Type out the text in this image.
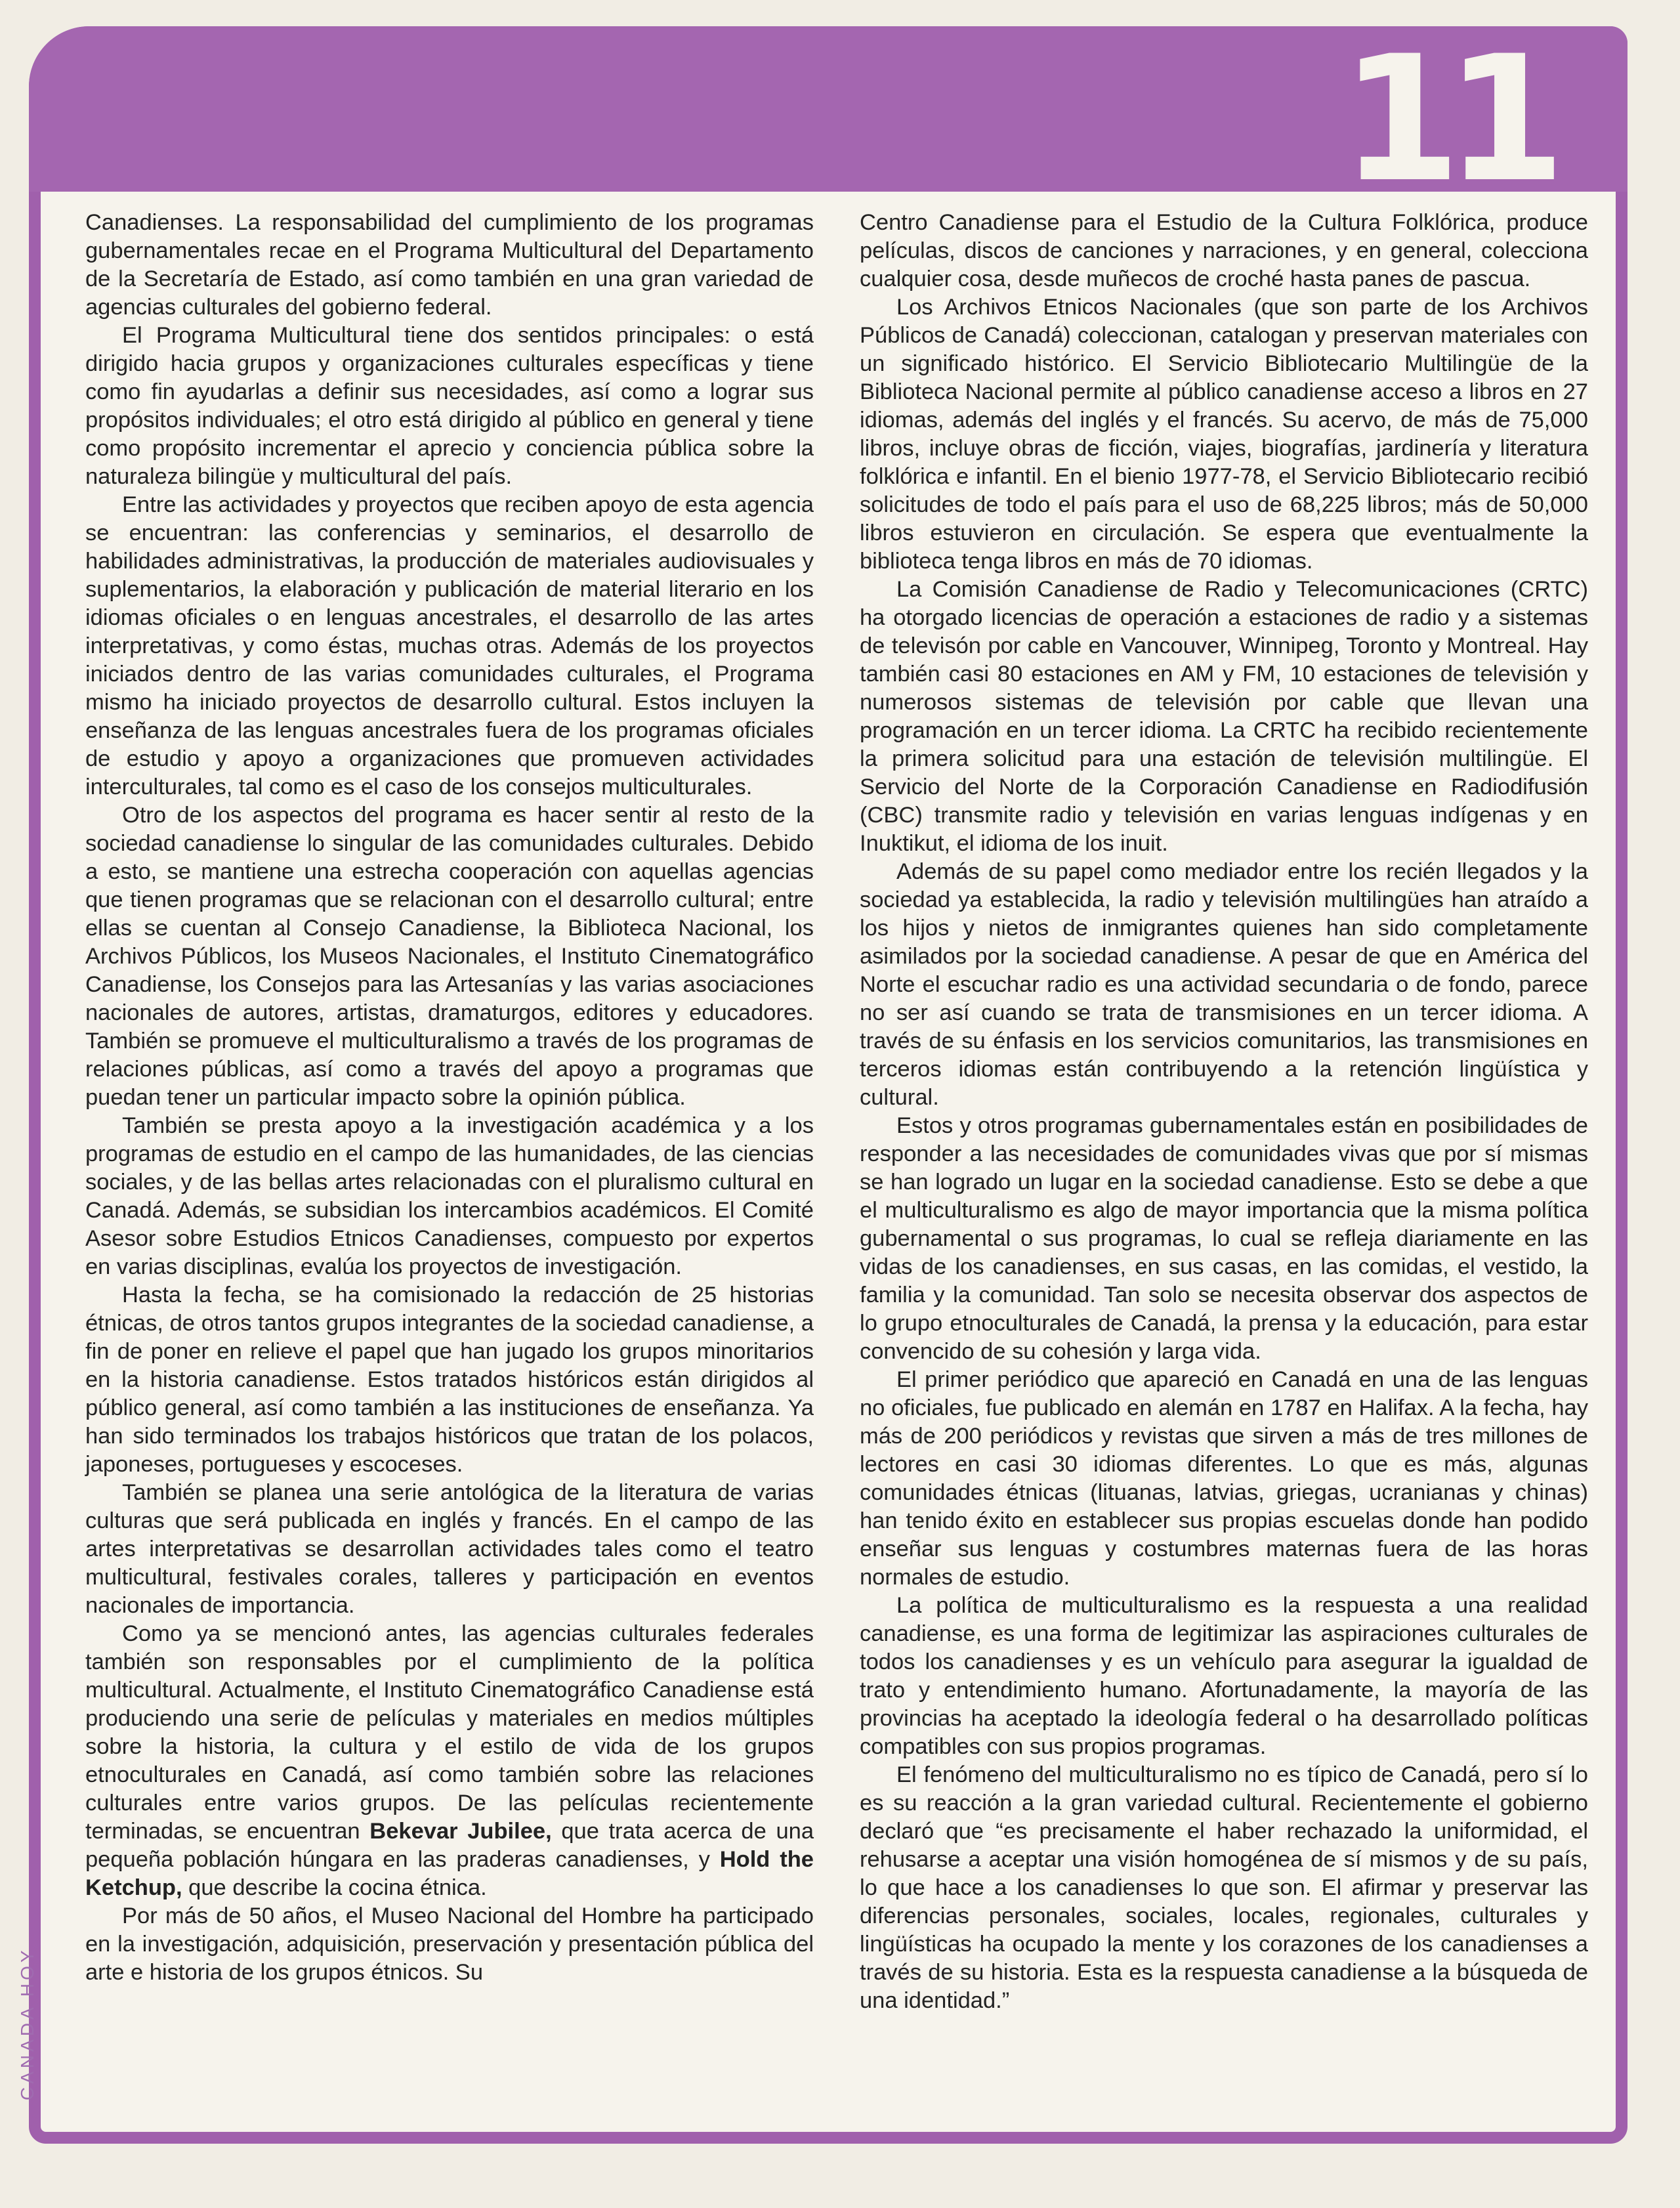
11
CANADA HOY

Canadienses. La responsabilidad del cumplimiento de los programas gubernamentales recae en el Programa Multicultural del Departamento de la Secretaría de Estado, así como también en una gran variedad de agencias culturales del gobierno federal.

El Programa Multicultural tiene dos sentidos principales: o está dirigido hacia grupos y organizaciones culturales específicas y tiene como fin ayudarlas a definir sus necesidades, así como a lograr sus propósitos individuales; el otro está dirigido al público en general y tiene como propósito incrementar el aprecio y conciencia pública sobre la naturaleza bilingüe y multicultural del país.

Entre las actividades y proyectos que reciben apoyo de esta agencia se encuentran: las conferencias y seminarios, el desarrollo de habilidades administrativas, la producción de materiales audiovisuales y suplementarios, la elaboración y publicación de material literario en los idiomas oficiales o en lenguas ancestrales, el desarrollo de las artes interpretativas, y como éstas, muchas otras. Además de los proyectos iniciados dentro de las varias comunidades culturales, el Programa mismo ha iniciado proyectos de desarrollo cultural. Estos incluyen la enseñanza de las lenguas ancestrales fuera de los programas oficiales de estudio y apoyo a organizaciones que promueven actividades interculturales, tal como es el caso de los consejos multiculturales.

Otro de los aspectos del programa es hacer sentir al resto de la sociedad canadiense lo singular de las comunidades culturales. Debido a esto, se mantiene una estrecha cooperación con aquellas agencias que tienen programas que se relacionan con el desarrollo cultural; entre ellas se cuentan al Consejo Canadiense, la Biblioteca Nacional, los Archivos Públicos, los Museos Nacionales, el Instituto Cinematográfico Canadiense, los Consejos para las Artesanías y las varias asociaciones nacionales de autores, artistas, dramaturgos, editores y educadores. También se promueve el multiculturalismo a través de los programas de relaciones públicas, así como a través del apoyo a programas que puedan tener un particular impacto sobre la opinión pública.

También se presta apoyo a la investigación académica y a los programas de estudio en el campo de las humanidades, de las ciencias sociales, y de las bellas artes relacionadas con el pluralismo cultural en Canadá. Además, se subsidian los intercambios académicos. El Comité Asesor sobre Estudios Etnicos Canadienses, compuesto por expertos en varias disciplinas, evalúa los proyectos de investigación.

Hasta la fecha, se ha comisionado la redacción de 25 historias étnicas, de otros tantos grupos integrantes de la sociedad canadiense, a fin de poner en relieve el papel que han jugado los grupos minoritarios en la historia canadiense. Estos tratados históricos están dirigidos al público general, así como también a las instituciones de enseñanza. Ya han sido terminados los trabajos históricos que tratan de los polacos, japoneses, portugueses y escoceses.

También se planea una serie antológica de la literatura de varias culturas que será publicada en inglés y francés. En el campo de las artes interpretativas se desarrollan actividades tales como el teatro multicultural, festivales corales, talleres y participación en eventos nacionales de importancia.

Como ya se mencionó antes, las agencias culturales federales también son responsables por el cumplimiento de la política multicultural. Actualmente, el Instituto Cinematográfico Canadiense está produciendo una serie de películas y materiales en medios múltiples sobre la historia, la cultura y el estilo de vida de los grupos etnoculturales en Canadá, así como también sobre las relaciones culturales entre varios grupos. De las películas recientemente terminadas, se encuentran Bekevar Jubilee, que trata acerca de una pequeña población húngara en las praderas canadienses, y Hold the Ketchup, que describe la cocina étnica.

Por más de 50 años, el Museo Nacional del Hombre ha participado en la investigación, adquisición, preservación y presentación pública del arte e historia de los grupos étnicos. Su

Centro Canadiense para el Estudio de la Cultura Folklórica, produce películas, discos de canciones y narraciones, y en general, colecciona cualquier cosa, desde muñecos de croché hasta panes de pascua.

Los Archivos Etnicos Nacionales (que son parte de los Archivos Públicos de Canadá) coleccionan, catalogan y preservan materiales con un significado histórico. El Servicio Bibliotecario Multilingüe de la Biblioteca Nacional permite al público canadiense acceso a libros en 27 idiomas, además del inglés y el francés. Su acervo, de más de 75,000 libros, incluye obras de ficción, viajes, biografías, jardinería y literatura folklórica e infantil. En el bienio 1977-78, el Servicio Bibliotecario recibió solicitudes de todo el país para el uso de 68,225 libros; más de 50,000 libros estuvieron en circulación. Se espera que eventualmente la biblioteca tenga libros en más de 70 idiomas.

La Comisión Canadiense de Radio y Telecomunicaciones (CRTC) ha otorgado licencias de operación a estaciones de radio y a sistemas de televisón por cable en Vancouver, Winnipeg, Toronto y Montreal. Hay también casi 80 estaciones en AM y FM, 10 estaciones de televisión y numerosos sistemas de televisión por cable que llevan una programación en un tercer idioma. La CRTC ha recibido recientemente la primera solicitud para una estación de televisión multilingüe. El Servicio del Norte de la Corporación Canadiense en Radiodifusión (CBC) transmite radio y televisión en varias lenguas indígenas y en Inuktikut, el idioma de los inuit.

Además de su papel como mediador entre los recién llegados y la sociedad ya establecida, la radio y televisión multilingües han atraído a los hijos y nietos de inmigrantes quienes han sido completamente asimilados por la sociedad canadiense. A pesar de que en América del Norte el escuchar radio es una actividad secundaria o de fondo, parece no ser así cuando se trata de transmisiones en un tercer idioma. A través de su énfasis en los servicios comunitarios, las transmisiones en terceros idiomas están contribuyendo a la retención lingüística y cultural.

Estos y otros programas gubernamentales están en posibilidades de responder a las necesidades de comunidades vivas que por sí mismas se han logrado un lugar en la sociedad canadiense. Esto se debe a que el multiculturalismo es algo de mayor importancia que la misma política gubernamental o sus programas, lo cual se refleja diariamente en las vidas de los canadienses, en sus casas, en las comidas, el vestido, la familia y la comunidad. Tan solo se necesita observar dos aspectos de lo grupo etnoculturales de Canadá, la prensa y la educación, para estar convencido de su cohesión y larga vida.

El primer periódico que apareció en Canadá en una de las lenguas no oficiales, fue publicado en alemán en 1787 en Halifax. A la fecha, hay más de 200 periódicos y revistas que sirven a más de tres millones de lectores en casi 30 idiomas diferentes. Lo que es más, algunas comunidades étnicas (lituanas, latvias, griegas, ucranianas y chinas) han tenido éxito en establecer sus propias escuelas donde han podido enseñar sus lenguas y costumbres maternas fuera de las horas normales de estudio.

La política de multiculturalismo es la respuesta a una realidad canadiense, es una forma de legitimizar las aspiraciones culturales de todos los canadienses y es un vehículo para asegurar la igualdad de trato y entendimiento humano. Afortunadamente, la mayoría de las provincias ha aceptado la ideología federal o ha desarrollado políticas compatibles con sus propios programas.

El fenómeno del multiculturalismo no es típico de Canadá, pero sí lo es su reacción a la gran variedad cultural. Recientemente el gobierno declaró que “es precisamente el haber rechazado la uniformidad, el rehusarse a aceptar una visión homogénea de sí mismos y de su país, lo que hace a los canadienses lo que son. El afirmar y preservar las diferencias personales, sociales, locales, regionales, culturales y lingüísticas ha ocupado la mente y los corazones de los canadienses a través de su historia. Esta es la respuesta canadiense a la búsqueda de una identidad.”
